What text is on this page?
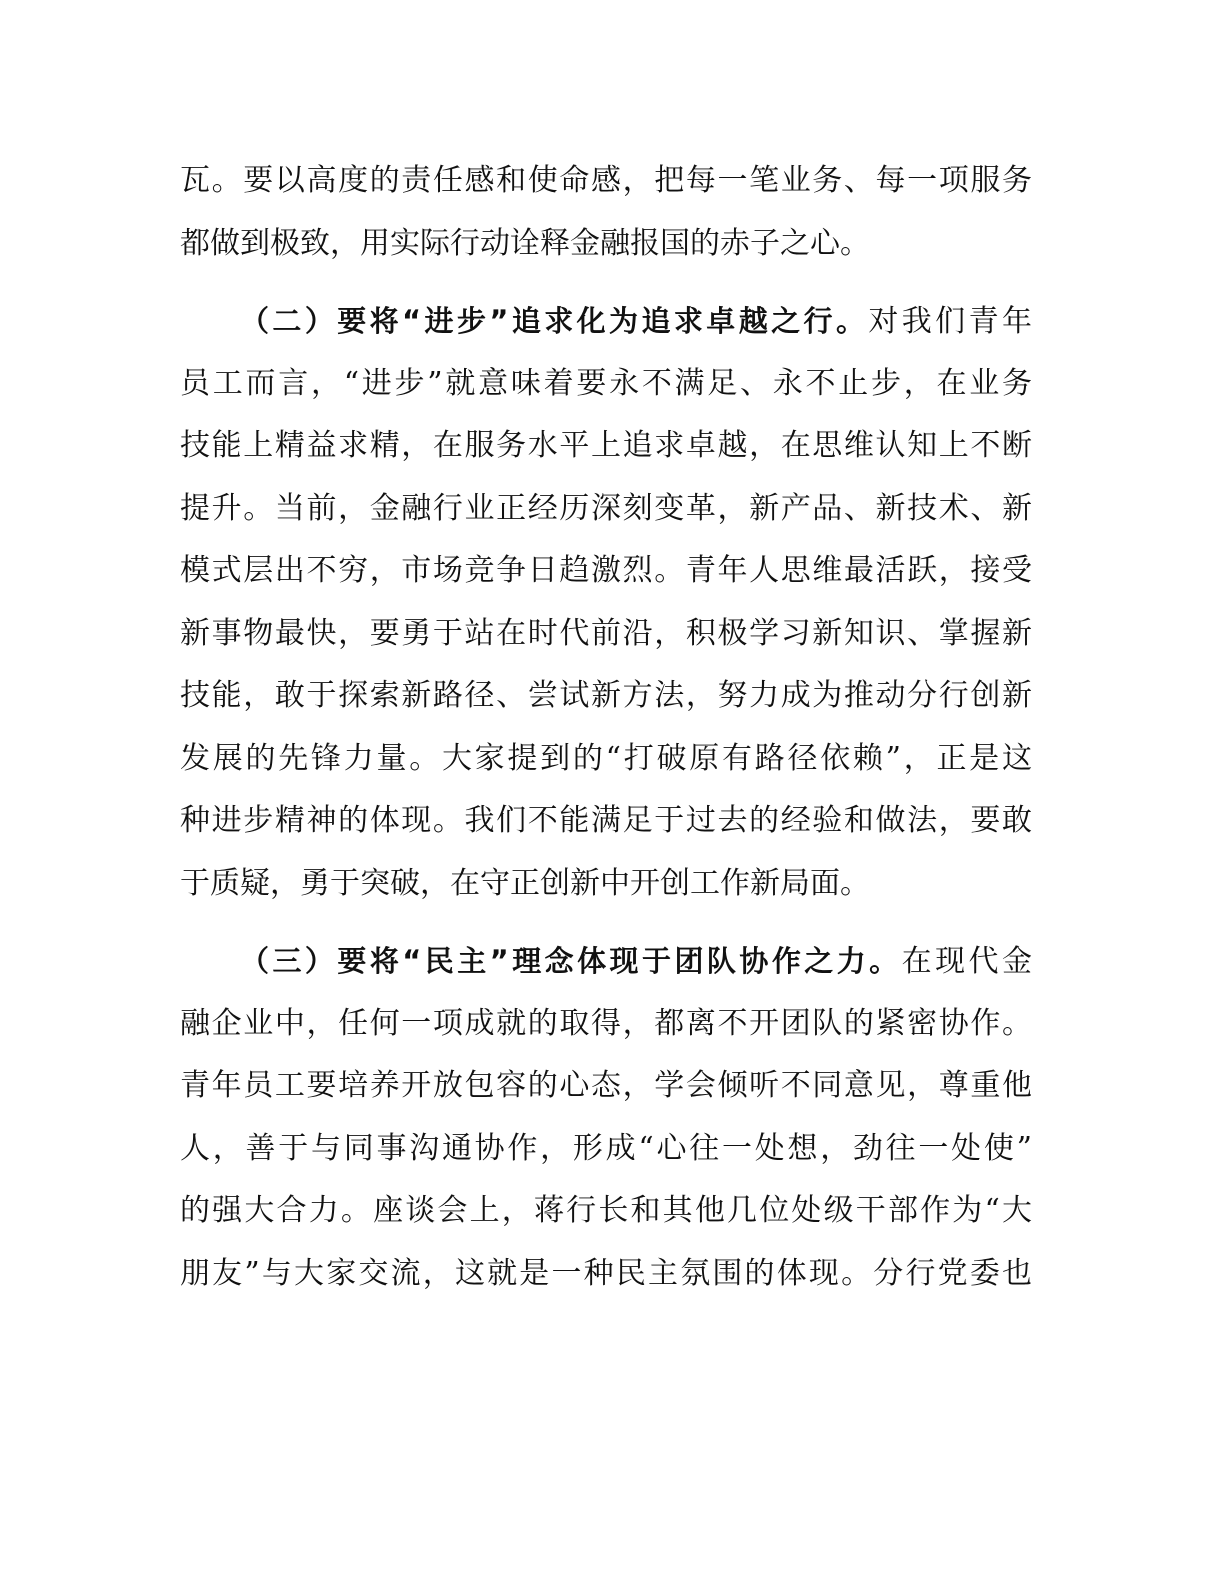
瓦。要以高度的责任感和使命感，把每一笔业务、每一项服务
都做到极致，用实际行动诠释金融报国的赤子之心。
（二）要将“进步”追求化为追求卓越之行。对我们青年
员工而言，“进步”就意味着要永不满足、永不止步，在业务
技能上精益求精，在服务水平上追求卓越，在思维认知上不断
提升。当前，金融行业正经历深刻变革，新产品、新技术、新
模式层出不穷，市场竞争日趋激烈。青年人思维最活跃，接受
新事物最快，要勇于站在时代前沿，积极学习新知识、掌握新
技能，敢于探索新路径、尝试新方法，努力成为推动分行创新
发展的先锋力量。大家提到的“打破原有路径依赖”，正是这
种进步精神的体现。我们不能满足于过去的经验和做法，要敢
于质疑，勇于突破，在守正创新中开创工作新局面。
（三）要将“民主”理念体现于团队协作之力。在现代金
融企业中，任何一项成就的取得，都离不开团队的紧密协作。
青年员工要培养开放包容的心态，学会倾听不同意见，尊重他
人，善于与同事沟通协作，形成“心往一处想，劲往一处使”
的强大合力。座谈会上，蒋行长和其他几位处级干部作为“大
朋友”与大家交流，这就是一种民主氛围的体现。分行党委也
